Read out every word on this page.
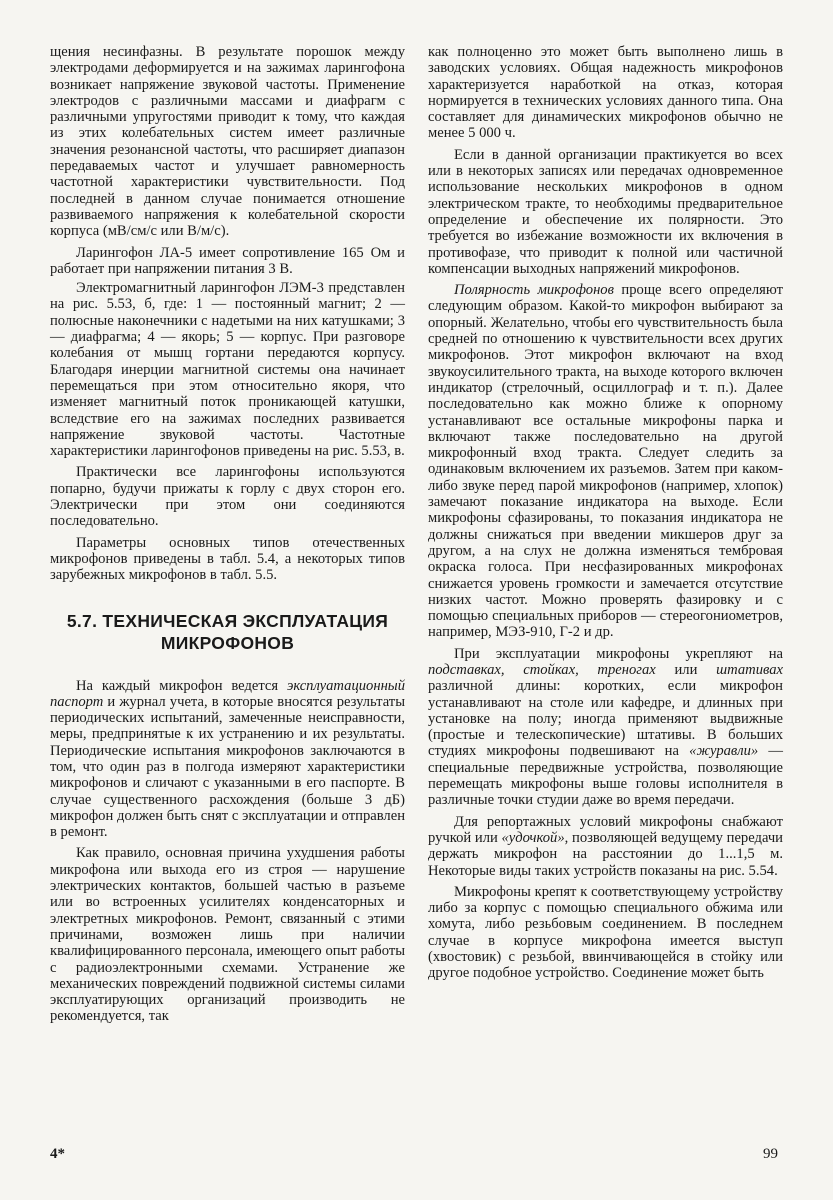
щения несинфазны. В результате порошок между электродами деформируется и на зажимах ларингофона возникает напряжение звуковой частоты. Применение электродов с различными массами и диафрагм с различными упругостями приводит к тому, что каждая из этих колебательных систем имеет различные значения резонансной частоты, что расширяет диапазон передаваемых частот и улучшает равномерность частотной характеристики чувствительности. Под последней в данном случае понимается отношение развиваемого напряжения к колебательной скорости корпуса (мВ/см/с или В/м/с).

Ларингофон ЛА-5 имеет сопротивление 165 Ом и работает при напряжении питания 3 В.

Электромагнитный ларингофон ЛЭМ-3 представлен на рис. 5.53, б, где: 1 — постоянный магнит; 2 — полюсные наконечники с надетыми на них катушками; 3 — диафрагма; 4 — якорь; 5 — корпус. При разговоре колебания от мышц гортани передаются корпусу. Благодаря инерции магнитной системы она начинает перемещаться при этом относительно якоря, что изменяет магнитный поток проникающей катушки, вследствие его на зажимах последних развивается напряжение звуковой частоты. Частотные характеристики ларингофонов приведены на рис. 5.53, в.

Практически все ларингофоны используются попарно, будучи прижаты к горлу с двух сторон его. Электрически при этом они соединяются последовательно.

Параметры основных типов отечественных микрофонов приведены в табл. 5.4, а некоторых типов зарубежных микрофонов в табл. 5.5.

5.7. ТЕХНИЧЕСКАЯ ЭКСПЛУАТАЦИЯ
МИКРОФОНОВ

На каждый микрофон ведется эксплуатационный паспорт и журнал учета, в которые вносятся результаты периодических испытаний, замеченные неисправности, меры, предпринятые к их устранению и их результаты. Периодические испытания микрофонов заключаются в том, что один раз в полгода измеряют характеристики микрофонов и сличают с указанными в его паспорте. В случае существенного расхождения (больше 3 дБ) микрофон должен быть снят с эксплуатации и отправлен в ремонт.

Как правило, основная причина ухудшения работы микрофона или выхода его из строя — нарушение электрических контактов, большей частью в разъеме или во встроенных усилителях конденсаторных и электретных микрофонов. Ремонт, связанный с этими причинами, возможен лишь при наличии квалифицированного персонала, имеющего опыт работы с радиоэлектронными схемами. Устранение же механических повреждений подвижной системы силами эксплуатирующих организаций производить не рекомендуется, так

как полноценно это может быть выполнено лишь в заводских условиях. Общая надежность микрофонов характеризуется наработкой на отказ, которая нормируется в технических условиях данного типа. Она составляет для динамических микрофонов обычно не менее 5 000 ч.

Если в данной организации практикуется во всех или в некоторых записях или передачах одновременное использование нескольких микрофонов в одном электрическом тракте, то необходимы предварительное определение и обеспечение их полярности. Это требуется во избежание возможности их включения в противофазе, что приводит к полной или частичной компенсации выходных напряжений микрофонов.

Полярность микрофонов проще всего определяют следующим образом. Какой-то микрофон выбирают за опорный. Желательно, чтобы его чувствительность была средней по отношению к чувствительности всех других микрофонов. Этот микрофон включают на вход звукоусилительного тракта, на выходе которого включен индикатор (стрелочный, осциллограф и т. п.). Далее последовательно как можно ближе к опорному устанавливают все остальные микрофоны парка и включают также последовательно на другой микрофонный вход тракта. Следует следить за одинаковым включением их разъемов. Затем при каком-либо звуке перед парой микрофонов (например, хлопок) замечают показание индикатора на выходе. Если микрофоны сфазированы, то показания индикатора не должны снижаться при введении микшеров друг за другом, а на слух не должна изменяться тембровая окраска голоса. При несфазированных микрофонах снижается уровень громкости и замечается отсутствие низких частот. Можно проверять фазировку и с помощью специальных приборов — стереогониометров, например, МЭЗ-910, Г-2 и др.

При эксплуатации микрофоны укрепляют на подставках, стойках, треногах или штативах различной длины: коротких, если микрофон устанавливают на столе или кафедре, и длинных при установке на полу; иногда применяют выдвижные (простые и телескопические) штативы. В больших студиях микрофоны подвешивают на «журавли» — специальные передвижные устройства, позволяющие перемещать микрофоны выше головы исполнителя в различные точки студии даже во время передачи.

Для репортажных условий микрофоны снабжают ручкой или «удочкой», позволяющей ведущему передачи держать микрофон на расстоянии до 1...1,5 м. Некоторые виды таких устройств показаны на рис. 5.54.

Микрофоны крепят к соответствующему устройству либо за корпус с помощью специального обжима или хомута, либо резьбовым соединением. В последнем случае в корпусе микрофона имеется выступ (хвостовик) с резьбой, ввинчивающейся в стойку или другое подобное устройство. Соединение может быть

4*	99
